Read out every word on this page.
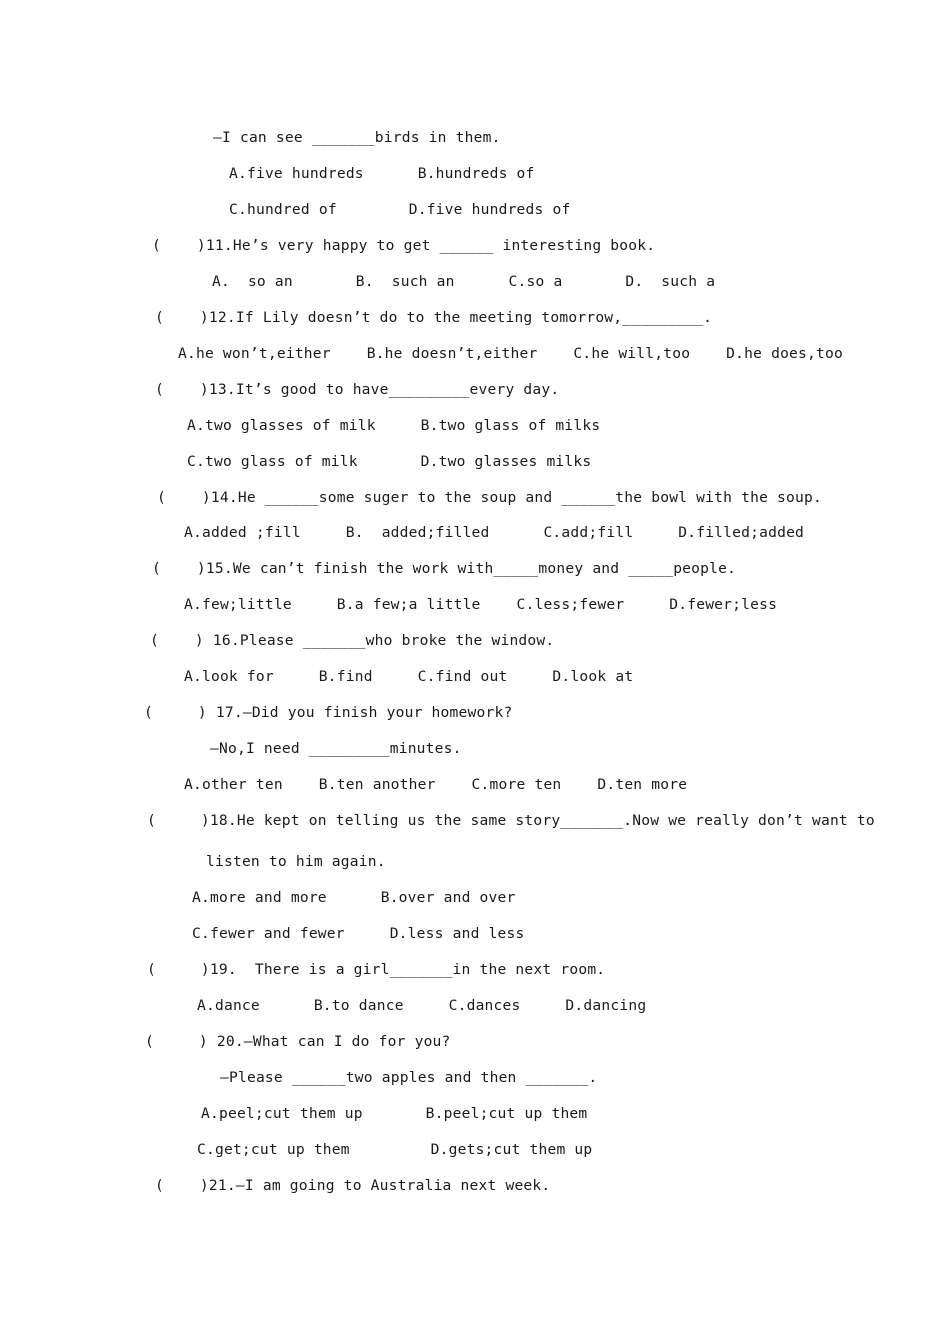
—I can see _______birds in them.
A.five hundreds      B.hundreds of
C.hundred of        D.five hundreds of
(    )11.He’s very happy to get ______ interesting book.
A.  so an       B.  such an      C.so a       D.  such a
(    )12.If Lily doesn’t do to the meeting tomorrow,_________.
A.he won’t,either    B.he doesn’t,either    C.he will,too    D.he does,too
(    )13.It’s good to have_________every day.
A.two glasses of milk     B.two glass of milks
C.two glass of milk       D.two glasses milks
(    )14.He ______some suger to the soup and ______the bowl with the soup.
A.added ;fill     B.  added;filled      C.add;fill     D.filled;added
(    )15.We can’t finish the work with_____money and _____people.
A.few;little     B.a few;a little    C.less;fewer     D.fewer;less
(    ) 16.Please _______who broke the window.
A.look for     B.find     C.find out     D.look at
(     ) 17.—Did you finish your homework?
—No,I need _________minutes.
A.other ten    B.ten another    C.more ten    D.ten more
(     )18.He kept on telling us the same story_______.Now we really don’t want to
listen to him again.
A.more and more      B.over and over
C.fewer and fewer     D.less and less
(     )19.  There is a girl_______in the next room.
A.dance      B.to dance     C.dances     D.dancing
(     ) 20.—What can I do for you?
—Please ______two apples and then _______.
A.peel;cut them up       B.peel;cut up them
C.get;cut up them         D.gets;cut them up
(    )21.—I am going to Australia next week.
